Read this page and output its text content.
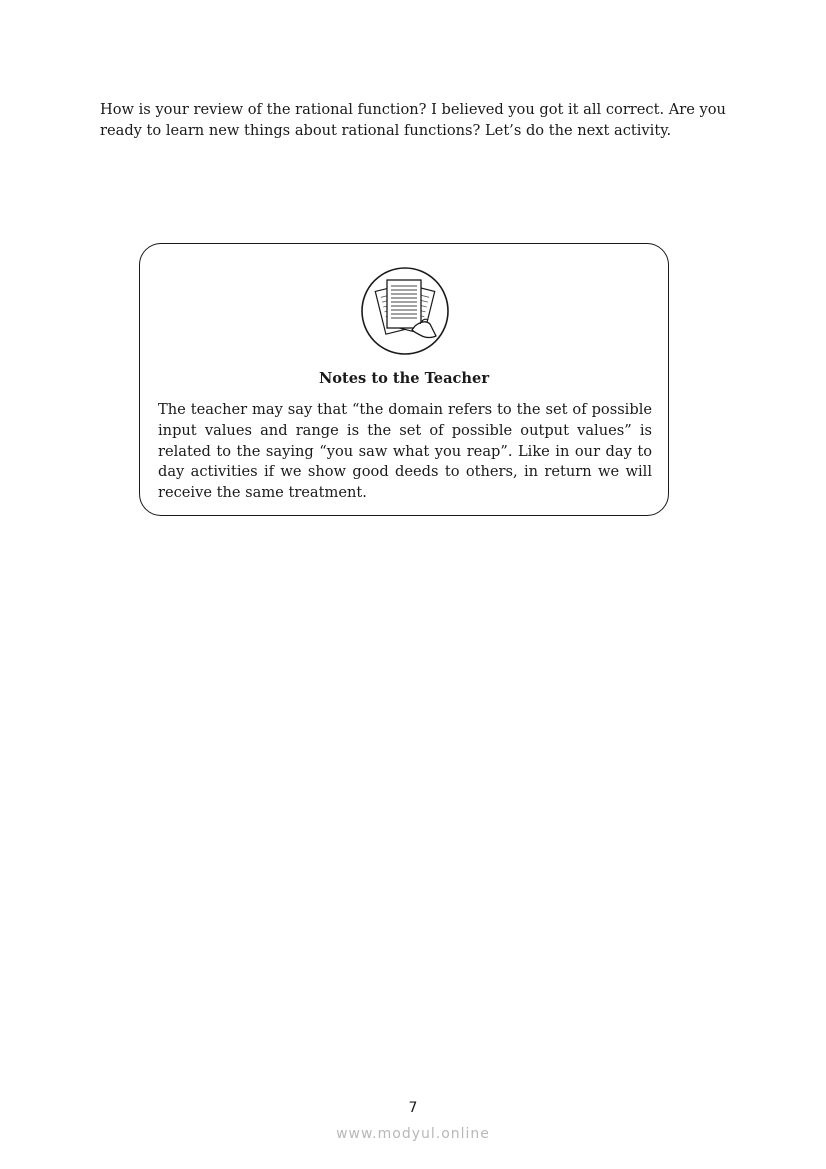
How is your review of the rational function? I believed you got it all correct. Are you ready to learn new things about rational functions? Let’s do the next activity.

Notes to the Teacher

The teacher may say that “the domain refers to the set of possible input values and range is the set of possible output values” is related to the saying “you saw what you reap”. Like in our day to day activities if we show good deeds to others, in return we will receive the same treatment.

7
www.modyul.online
